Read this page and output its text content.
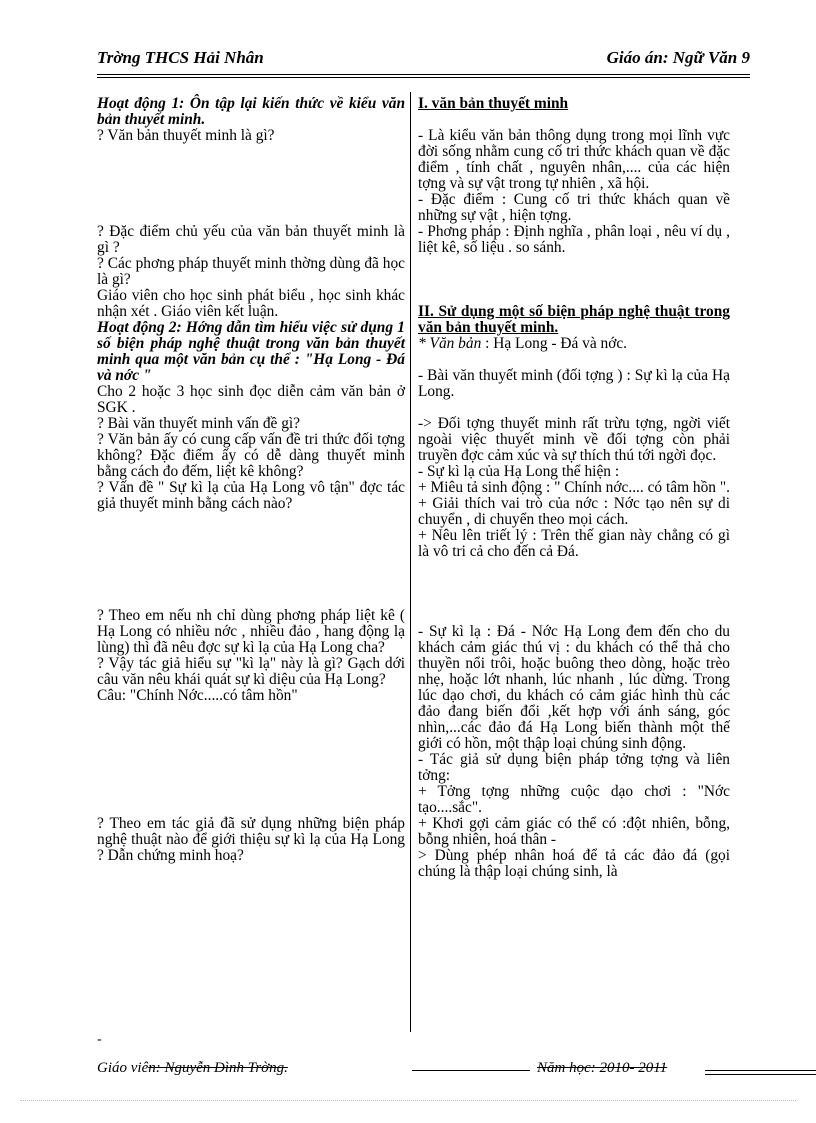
Trờng THCS Hải Nhân	Giáo án: Ngữ Văn 9

Hoạt động 1: Ôn tập lại kiến thức về kiểu văn bản thuyết minh.

? Văn bản thuyết minh là gì?

? Đặc điểm chủ yếu của văn bản thuyết minh là gì ?

? Các phơng pháp thuyết minh thờng dùng đã học là gì?

Giáo viên cho học sinh phát biểu , học sinh khác nhận xét . Giáo viên kết luận.

Hoạt động 2: Hớng dẫn tìm hiểu việc sử dụng 1 số biện pháp nghệ thuật trong văn bản thuyết minh qua một văn bản cụ thể : "Hạ Long - Đá và nớc "

Cho 2 hoặc 3 học sinh đọc diễn cảm văn bản ở SGK .

? Bài văn thuyết minh vấn đề gì?

? Văn bản ấy có cung cấp vấn đề tri thức đối tợng không? Đặc điểm ấy có dễ dàng thuyết minh bằng cách đo đếm, liệt kê không?

? Vấn đề " Sự kì lạ của Hạ Long vô tận" đợc tác giả thuyết minh bằng cách nào?

? Theo em nếu nh chỉ dùng phơng pháp liệt kê ( Hạ Long có nhiều nớc , nhiều đảo , hang động lạ lùng) thì đã nêu đợc sự kì lạ của Hạ Long cha?

? Vậy tác giả hiểu sự "kì lạ" này là gì? Gạch dới câu văn nêu khái quát sự kì diệu của Hạ Long?

Câu: "Chính Nớc.....có tâm hồn"

? Theo em tác giả đã sử dụng những biện pháp nghệ thuật nào để giới thiệu sự kì lạ của Hạ Long ? Dẫn chứng minh hoạ?

I. văn bản thuyết minh

- Là kiểu văn bản thông dụng trong mọi lĩnh vực đời sống nhằm cung cố tri thức khách quan về đặc điểm , tính chất , nguyên nhân,.... của các hiện tợng và sự vật trong tự nhiên , xã hội.

- Đặc điểm : Cung cố tri thức khách quan về những sự vật , hiện tợng.

- Phơng pháp : Định nghĩa , phân loại , nêu ví dụ , liệt kê, số liệu . so sánh.

II. Sử dụng một số biện pháp nghệ thuật trong văn bản thuyết minh.

* Văn bản : Hạ Long - Đá và nớc.

- Bài văn thuyết minh (đối tợng ) : Sự kì lạ của Hạ Long.

-> Đối tợng thuyết minh rất trừu tợng, ngời viết ngoài việc thuyết minh về đối tợng còn phải truyền đợc cảm xúc và sự thích thú tới ngời đọc.

- Sự kì lạ của Hạ Long thể hiện :

+ Miêu tả sinh động : " Chính nớc.... có tâm hồn ".

+ Giải thích vai trò của nớc : Nớc tạo nên sự di chuyển , di chuyển theo mọi cách.

+ Nêu lên triết lý : Trên thế gian này chẳng có gì là vô tri cả cho đến cả Đá.

- Sự kì lạ : Đá - Nớc Hạ Long đem đến cho du khách cảm giác thú vị : du khách có thể thả cho thuyền nổi trôi, hoặc buông theo dòng, hoặc trèo nhẹ, hoặc lớt nhanh, lúc nhanh , lúc dừng. Trong lúc dạo chơi, du khách có cảm giác hình thù các đảo đang biến đổi ,kết hợp với ánh sáng, góc nhìn,...các đảo đá Hạ Long biến thành một thế giới có hồn, một thập loại chúng sinh động.

- Tác giả sử dụng biện pháp tởng tợng và liên tởng:

+ Tởng tợng những cuộc dạo chơi : "Nớc tạo....sắc".

+ Khơi gợi cảm giác có thể có :đột nhiên, bỗng, bỗng nhiên, hoá thân -

> Dùng phép nhân hoá để tả các đảo đá (gọi chúng là thập loại chúng sinh, là

-
Giáo viên: Nguyễn Đình Trờng.	Năm học: 2010- 2011
